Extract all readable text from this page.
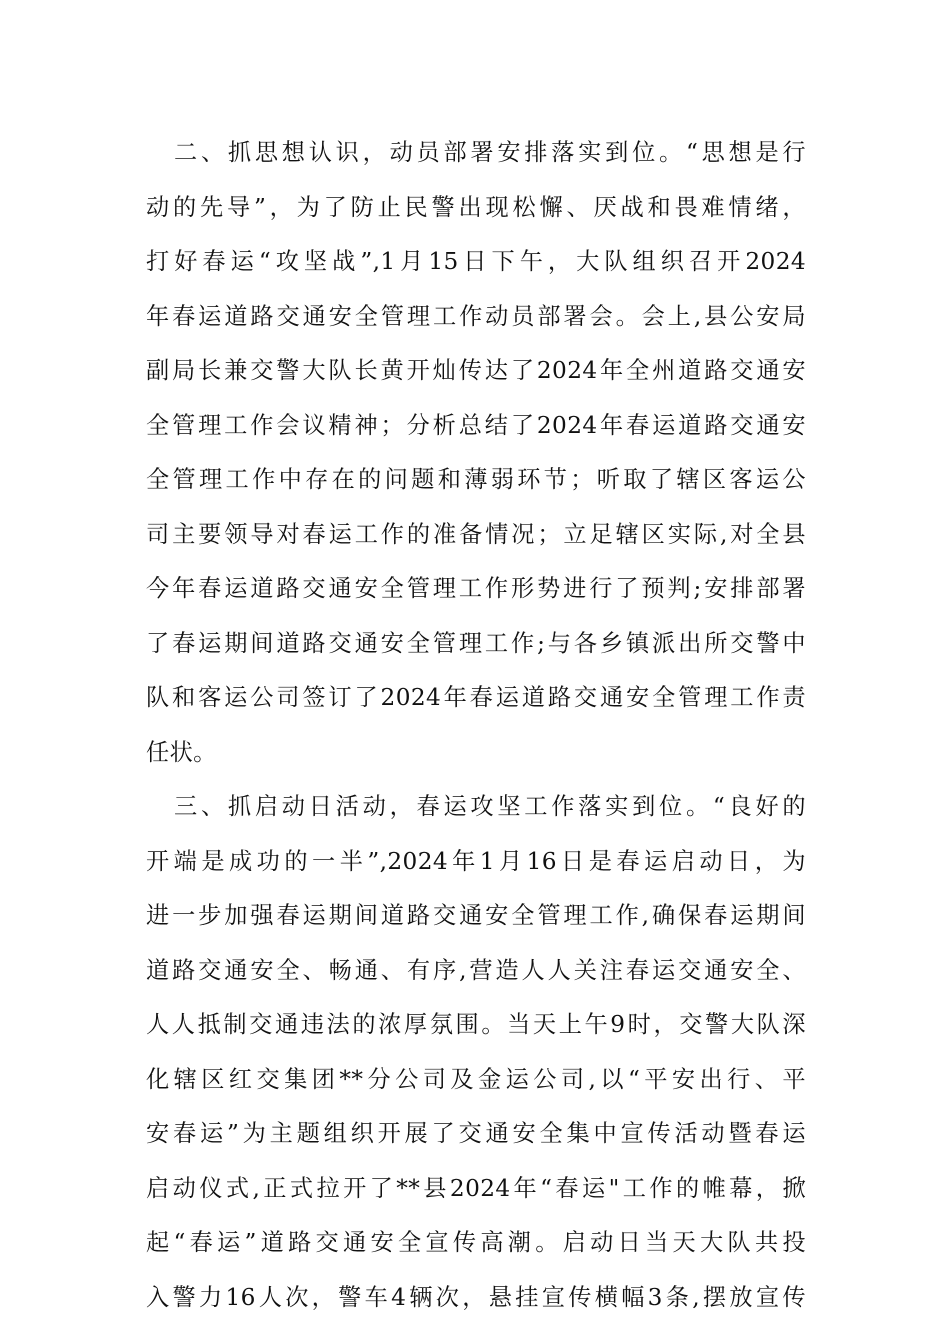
二、抓思想认识，动员部署安排落实到位。“思想是行
动的先导”，为了防止民警出现松懈、厌战和畏难情绪，
打好春运“攻坚战”,1月15日下午，大队组织召开2024
年春运道路交通安全管理工作动员部署会。会上,县公安局
副局长兼交警大队长黄开灿传达了2024年全州道路交通安
全管理工作会议精神；分析总结了2024年春运道路交通安
全管理工作中存在的问题和薄弱环节；听取了辖区客运公
司主要领导对春运工作的准备情况；立足辖区实际,对全县
今年春运道路交通安全管理工作形势进行了预判;安排部署
了春运期间道路交通安全管理工作;与各乡镇派出所交警中
队和客运公司签订了2024年春运道路交通安全管理工作责
任状。
三、抓启动日活动，春运攻坚工作落实到位。“良好的
开端是成功的一半”,2024年1月16日是春运启动日，为
进一步加强春运期间道路交通安全管理工作,确保春运期间
道路交通安全、畅通、有序,营造人人关注春运交通安全、
人人抵制交通违法的浓厚氛围。当天上午9时，交警大队深
化辖区红交集团**分公司及金运公司,以“平安出行、平
安春运”为主题组织开展了交通安全集中宣传活动暨春运
启动仪式,正式拉开了**县2024年“春运"工作的帷幕，掀
起“春运”道路交通安全宣传高潮。启动日当天大队共投
入警力16人次，警车4辆次，悬挂宣传横幅3条,摆放宣传
